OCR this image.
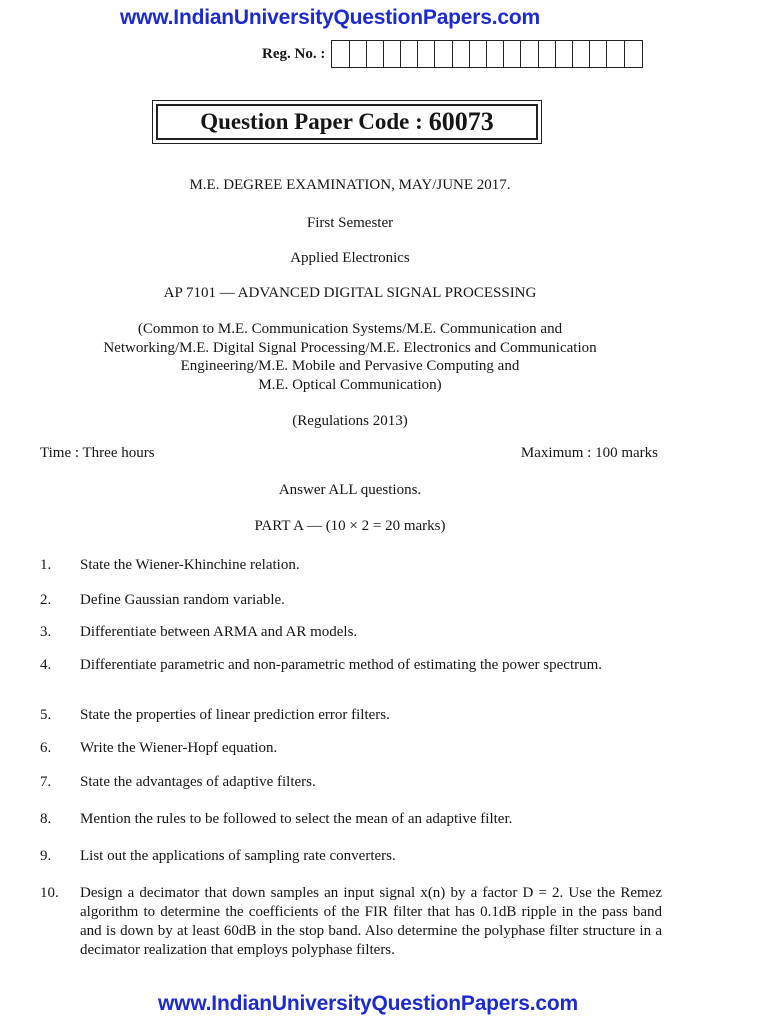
www.IndianUniversityQuestionPapers.com
Reg. No. :
Question Paper Code : 60073
M.E. DEGREE EXAMINATION, MAY/JUNE 2017.
First Semester
Applied Electronics
AP 7101 — ADVANCED DIGITAL SIGNAL PROCESSING
(Common to M.E. Communication Systems/M.E. Communication and
Networking/M.E. Digital Signal Processing/M.E. Electronics and Communication
Engineering/M.E. Mobile and Pervasive Computing and
M.E. Optical Communication)
(Regulations 2013)
Time : Three hours	Maximum : 100 marks
Answer ALL questions.
PART A — (10 × 2 = 20 marks)
1.	State the Wiener-Khinchine relation.
2.	Define Gaussian random variable.
3.	Differentiate between ARMA and AR models.
4.	Differentiate parametric and non-parametric method of estimating the power spectrum.
5.	State the properties of linear prediction error filters.
6.	Write the Wiener-Hopf equation.
7.	State the advantages of adaptive filters.
8.	Mention the rules to be followed to select the mean of an adaptive filter.
9.	List out the applications of sampling rate converters.
10.	Design a decimator that down samples an input signal x(n) by a factor D = 2. Use the Remez algorithm to determine the coefficients of the FIR filter that has 0.1dB ripple in the pass band and is down by at least 60dB in the stop band. Also determine the polyphase filter structure in a decimator realization that employs polyphase filters.
www.IndianUniversityQuestionPapers.com
